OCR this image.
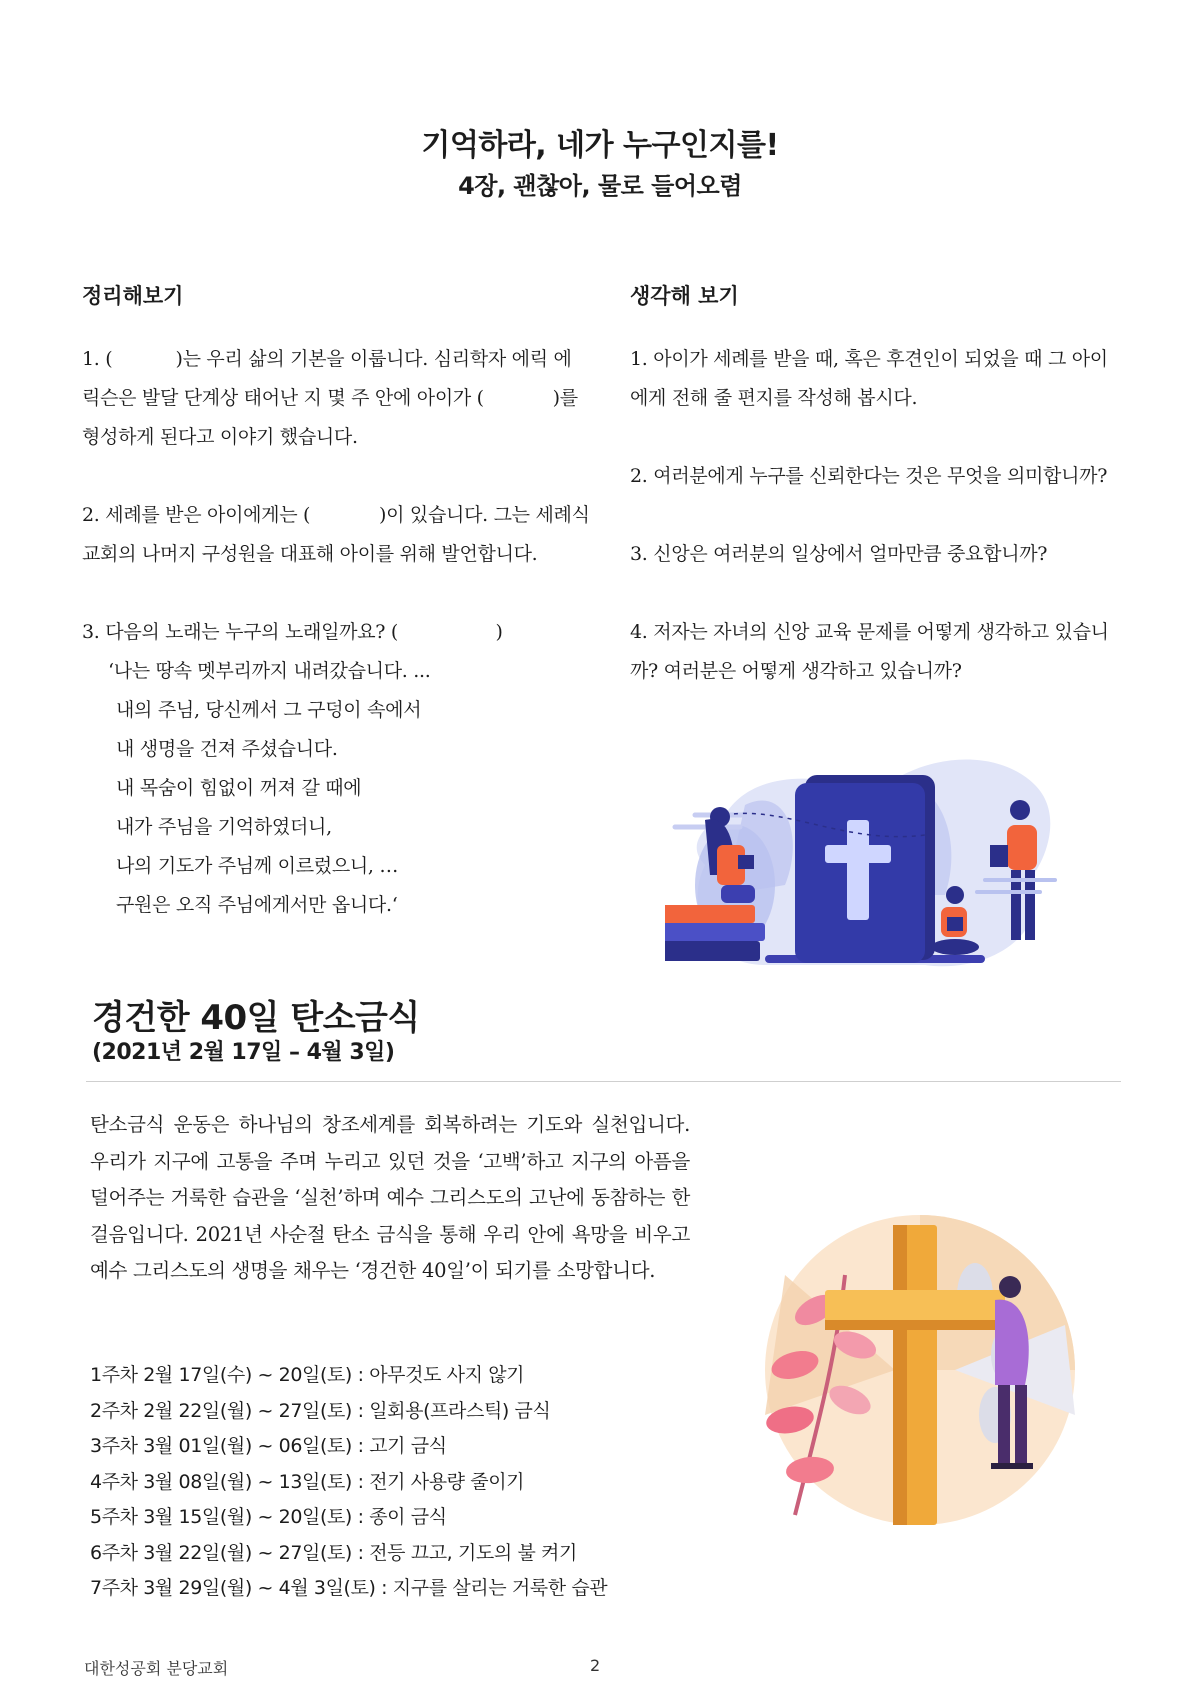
기억하라, 네가 누구인지를!
4장, 괜찮아, 물로 들어오렴
정리해보기

1. (           )는 우리 삶의 기본을 이룹니다. 심리학자 에릭 에

릭슨은 발달 단계상 태어난 지 몇 주 안에 아이가 (            )를

형성하게 된다고 이야기 했습니다.

2. 세례를 받은 아이에게는 (            )이 있습니다. 그는 세례식

교회의 나머지 구성원을 대표해 아이를 위해 발언합니다.

3. 다음의 노래는 누구의 노래일까요? (                 )

‘나는 땅속 멧부리까지 내려갔습니다. ...

내의 주님, 당신께서 그 구덩이 속에서

내 생명을 건져 주셨습니다.

내 목숨이 힘없이 꺼져 갈 때에

내가 주님을 기억하였더니,

나의 기도가 주님께 이르렀으니, …

구원은 오직 주님에게서만 옵니다.‘

생각해 보기

1. 아이가 세례를 받을 때, 혹은 후견인이 되었을 때 그 아이

에게 전해 줄 편지를 작성해 봅시다.

2. 여러분에게 누구를 신뢰한다는 것은 무엇을 의미합니까?

3. 신앙은 여러분의 일상에서 얼마만큼 중요합니까?

4. 저자는 자녀의 신앙 교육 문제를 어떻게 생각하고 있습니

까? 여러분은 어떻게 생각하고 있습니까?

경건한 40일 탄소금식
(2021년 2월 17일 – 4월 3일)
탄소금식 운동은 하나님의 창조세계를 회복하려는 기도와 실천입니다. 우리가 지구에 고통을 주며 누리고 있던 것을 ‘고백’하고 지구의 아픔을 덜어주는 거룩한 습관을 ‘실천’하며 예수 그리스도의 고난에 동참하는 한걸음입니다. 2021년 사순절 탄소 금식을 통해 우리 안에 욕망을 비우고 예수 그리스도의 생명을 채우는 ‘경건한 40일’이 되기를 소망합니다.
1주차 2월 17일(수) ~ 20일(토) : 아무것도 사지 않기
2주차 2월 22일(월) ~ 27일(토) : 일회용(프라스틱) 금식
3주차 3월 01일(월) ~ 06일(토) : 고기 금식
4주차 3월 08일(월) ~ 13일(토) : 전기 사용량 줄이기
5주차 3월 15일(월) ~ 20일(토) : 종이 금식
6주차 3월 22일(월) ~ 27일(토) : 전등 끄고, 기도의 불 켜기
7주차 3월 29일(월) ~ 4월 3일(토) : 지구를 살리는 거룩한 습관
대한성공회 분당교회	2
